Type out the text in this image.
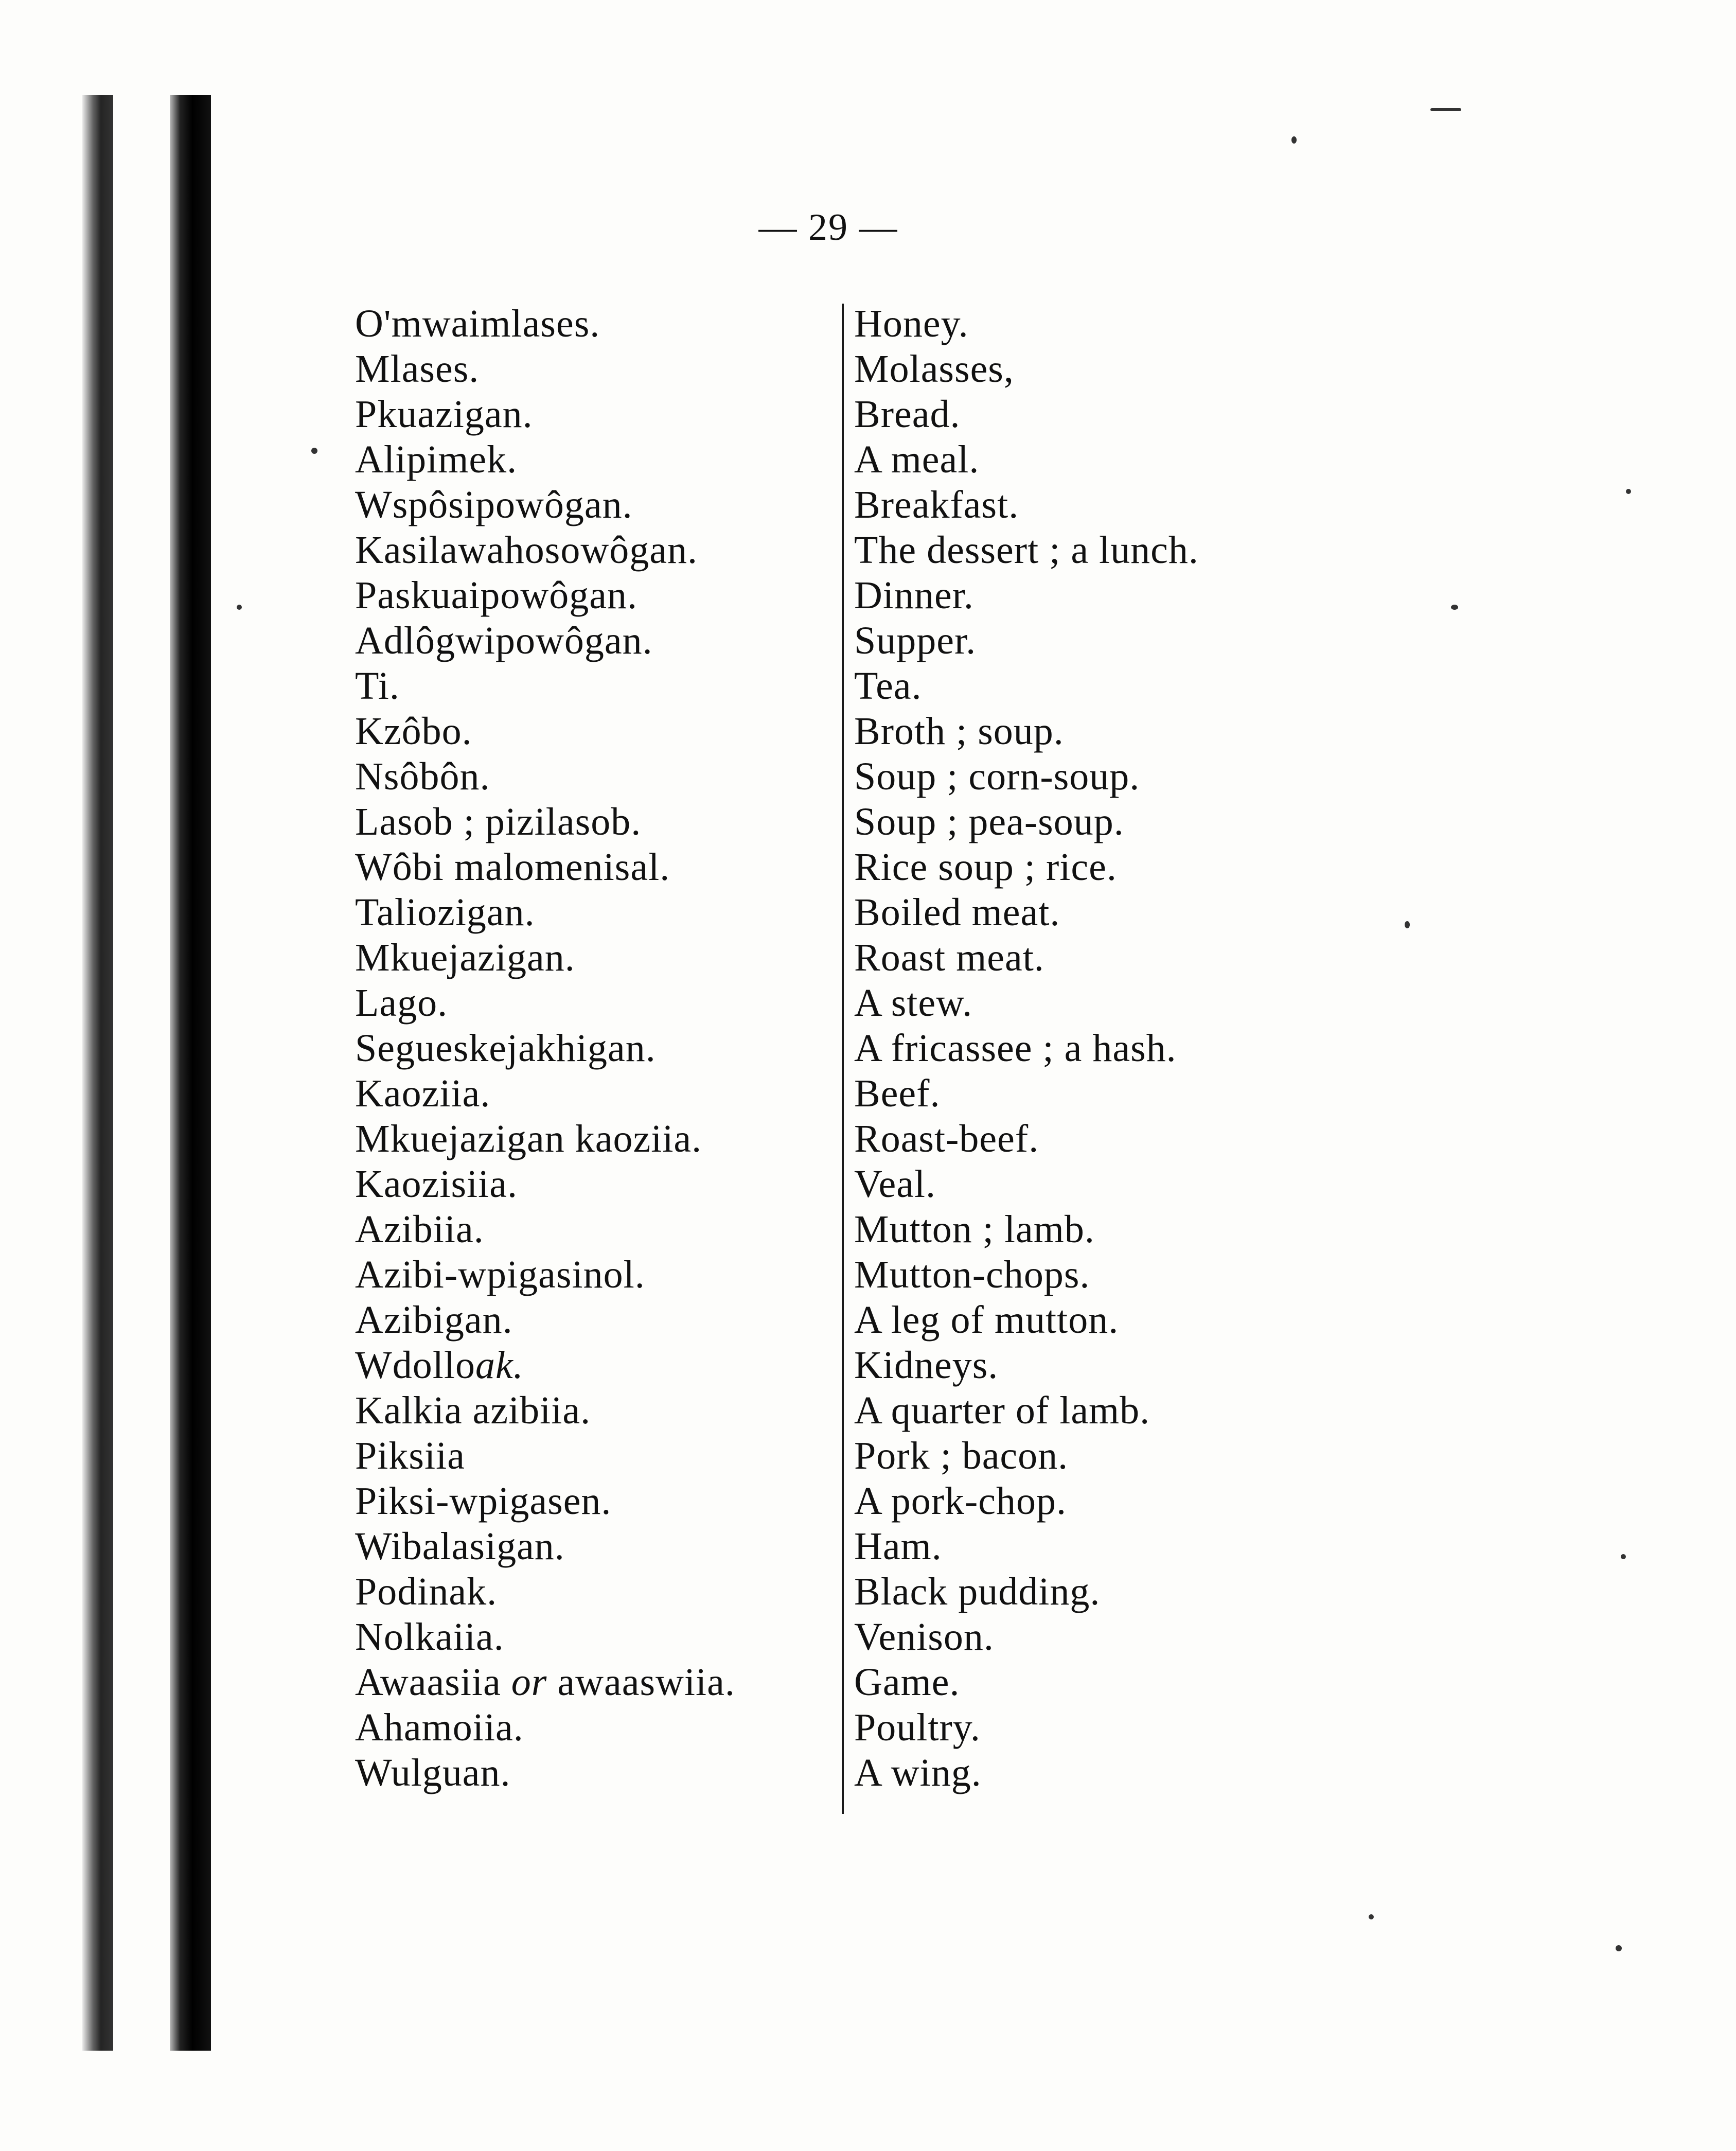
— 29 —
O'mwaimlases.	Honey.
Mlases.	Molasses,
Pkuazigan.	Bread.
Alipimek.	A meal.
Wspôsipowôgan.	Breakfast.
Kasilawahosowôgan.	The dessert ; a lunch.
Paskuaipowôgan.	Dinner.
Adlôgwipowôgan.	Supper.
Ti.	Tea.
Kzôbo.	Broth ; soup.
Nsôbôn.	Soup ; corn-soup.
Lasob ; pizilasob.	Soup ; pea-soup.
Wôbi malomenisal.	Rice soup ; rice.
Taliozigan.	Boiled meat.
Mkuejazigan.	Roast meat.
Lago.	A stew.
Segueskejakhigan.	A fricassee ; a hash.
Kaoziia.	Beef.
Mkuejazigan kaoziia.	Roast-beef.
Kaozisiia.	Veal.
Azibiia.	Mutton ; lamb.
Azibi-wpigasinol.	Mutton-chops.
Azibigan.	A leg of mutton.
Wdolloak.	Kidneys.
Kalkia azibiia.	A quarter of lamb.
Piksiia	Pork ; bacon.
Piksi-wpigasen.	A pork-chop.
Wibalasigan.	Ham.
Podinak.	Black pudding.
Nolkaiia.	Venison.
Awaasiia or awaaswiia.	Game.
Ahamoiia.	Poultry.
Wulguan.	A wing.
